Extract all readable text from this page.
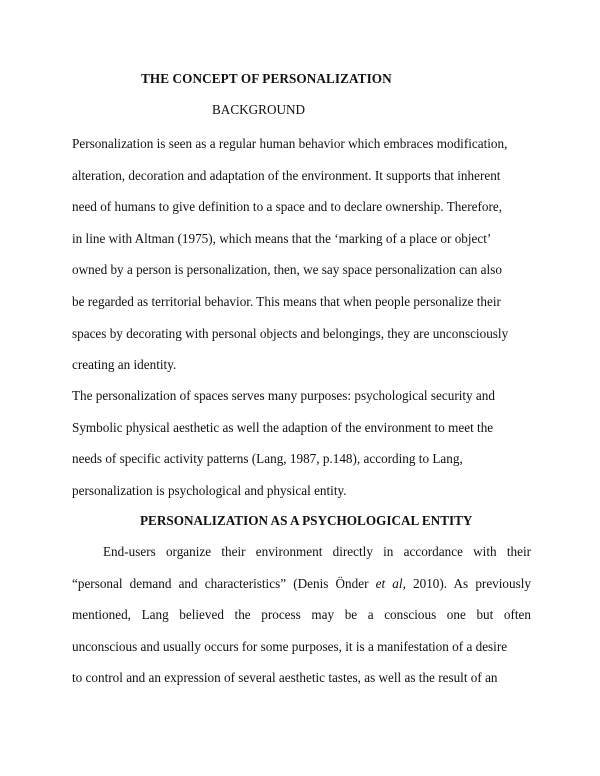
THE CONCEPT OF PERSONALIZATION
BACKGROUND
Personalization is seen as a regular human behavior which embraces modification,
alteration, decoration and adaptation of the environment. It supports that inherent
need of humans to give definition to a space and to declare ownership. Therefore,
in line with Altman (1975), which means that the ‘marking of a place or object’
owned by a person is personalization, then, we say space personalization can also
be regarded as territorial behavior. This means that when people personalize their
spaces by decorating with personal objects and belongings, they are unconsciously
creating an identity.
The personalization of spaces serves many purposes: psychological security and
Symbolic physical aesthetic as well the adaption of the environment to meet the
needs of specific activity patterns (Lang, 1987, p.148), according to Lang,
personalization is psychological and physical entity.
PERSONALIZATION AS A PSYCHOLOGICAL ENTITY
End-users organize their environment directly in accordance with their
“personal demand and characteristics” (Denis Önder et al, 2010). As previously
mentioned, Lang believed the process may be a conscious one but often
unconscious and usually occurs for some purposes, it is a manifestation of a desire
to control and an expression of several aesthetic tastes, as well as the result of an
